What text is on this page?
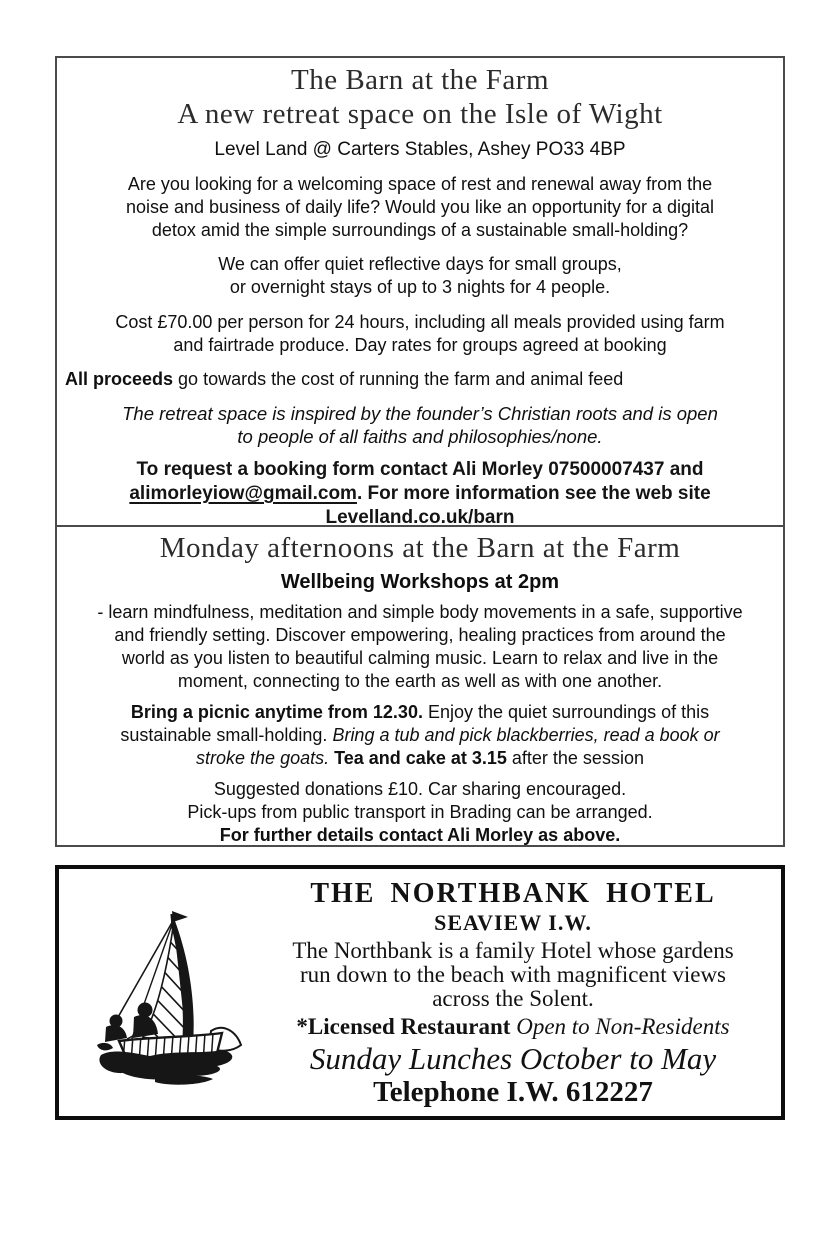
The Barn at the Farm
A new retreat space on the Isle of Wight
Level Land @ Carters Stables, Ashey PO33 4BP
Are you looking for a welcoming space of rest and renewal away from the
noise and business of daily life? Would you like an opportunity for a digital
detox amid the simple surroundings of a sustainable small-holding?
We can offer quiet reflective days for small groups,
or overnight stays of up to 3 nights for 4 people.
Cost £70.00 per person for 24 hours, including all meals provided using farm
and fairtrade produce. Day rates for groups agreed at booking
All proceeds go towards the cost of running the farm and animal feed
The retreat space is inspired by the founder’s Christian roots and is open
to people of all faiths and philosophies/none.
To request a booking form contact Ali Morley 07500007437 and
alimorleyiow@gmail.com. For more information see the web site
Levelland.co.uk/barn
Monday afternoons at the Barn at the Farm
Wellbeing Workshops at 2pm
- learn mindfulness, meditation and simple body movements in a safe, supportive
and friendly setting. Discover empowering, healing practices from around the
world as you listen to beautiful calming music. Learn to relax and live in the
moment, connecting to the earth as well as with one another.
Bring a picnic anytime from 12.30. Enjoy the quiet surroundings of this
sustainable small-holding. Bring a tub and pick blackberries, read a book or
stroke the goats. Tea and cake at 3.15 after the session
Suggested donations £10. Car sharing encouraged.
Pick-ups from public transport in Brading can be arranged.
For further details contact Ali Morley as above.
THE NORTHBANK HOTEL
SEAVIEW I.W.
The Northbank is a family Hotel whose gardens
run down to the beach with magnificent views
across the Solent.
*Licensed Restaurant Open to Non-Residents
Sunday Lunches October to May
Telephone I.W. 612227
